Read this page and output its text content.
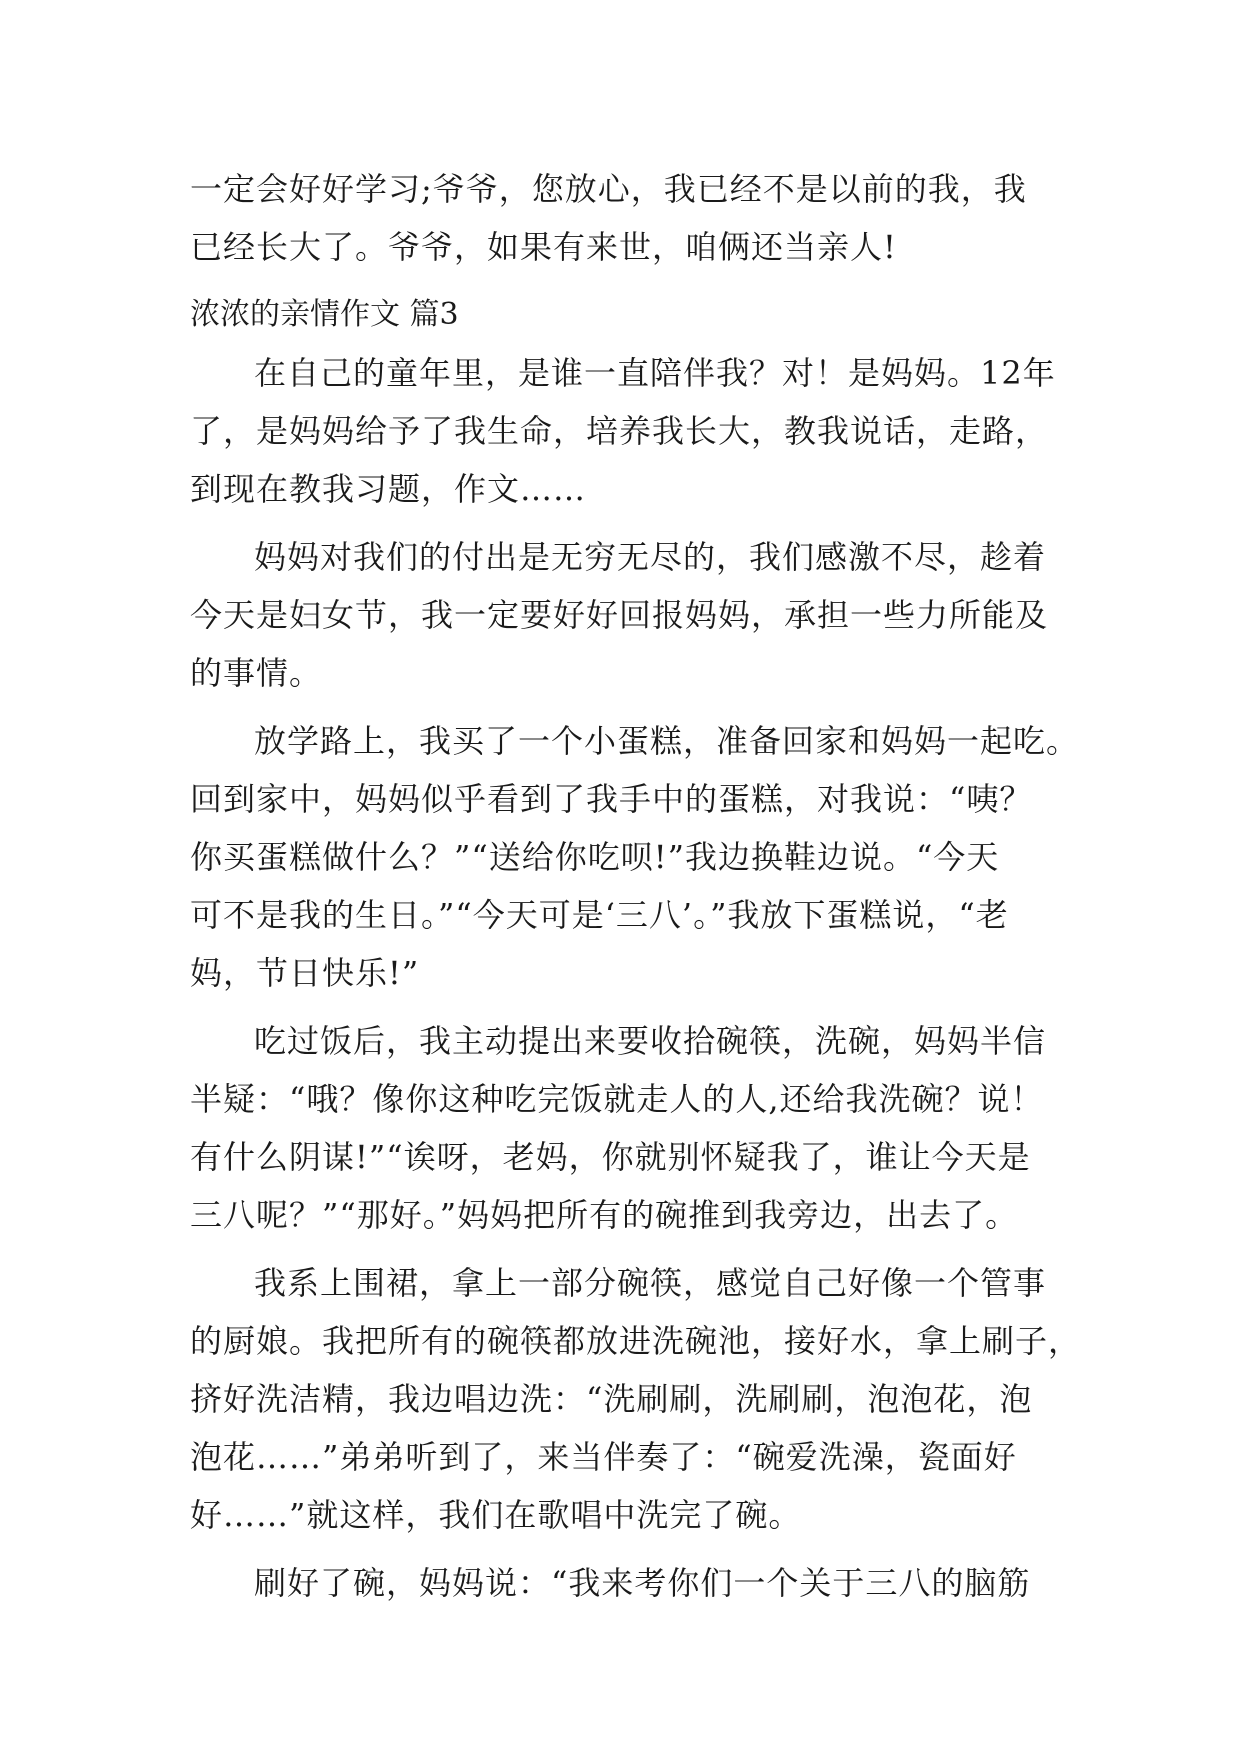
一定会好好学习;爷爷，您放心，我已经不是以前的我，我
已经长大了。爷爷，如果有来世，咱俩还当亲人!
浓浓的亲情作文 篇3
在自己的童年里，是谁一直陪伴我？对！是妈妈。12年
了，是妈妈给予了我生命，培养我长大，教我说话，走路，
到现在教我习题，作文……
妈妈对我们的付出是无穷无尽的，我们感激不尽，趁着
今天是妇女节，我一定要好好回报妈妈，承担一些力所能及
的事情。
放学路上，我买了一个小蛋糕，准备回家和妈妈一起吃。
回到家中，妈妈似乎看到了我手中的蛋糕，对我说：“咦？
你买蛋糕做什么？”“送给你吃呗!”我边换鞋边说。“今天
可不是我的生日。”“今天可是‘三八’。”我放下蛋糕说，“老
妈，节日快乐!”
吃过饭后，我主动提出来要收拾碗筷，洗碗，妈妈半信
半疑：“哦？像你这种吃完饭就走人的人,还给我洗碗？说！
有什么阴谋!”“诶呀，老妈，你就别怀疑我了，谁让今天是
三八呢？”“那好。”妈妈把所有的碗推到我旁边，出去了。
我系上围裙，拿上一部分碗筷，感觉自己好像一个管事
的厨娘。我把所有的碗筷都放进洗碗池，接好水，拿上刷子，
挤好洗洁精，我边唱边洗：“洗刷刷，洗刷刷，泡泡花，泡
泡花……”弟弟听到了，来当伴奏了：“碗爱洗澡，瓷面好
好……”就这样，我们在歌唱中洗完了碗。
刷好了碗，妈妈说：“我来考你们一个关于三八的脑筋
